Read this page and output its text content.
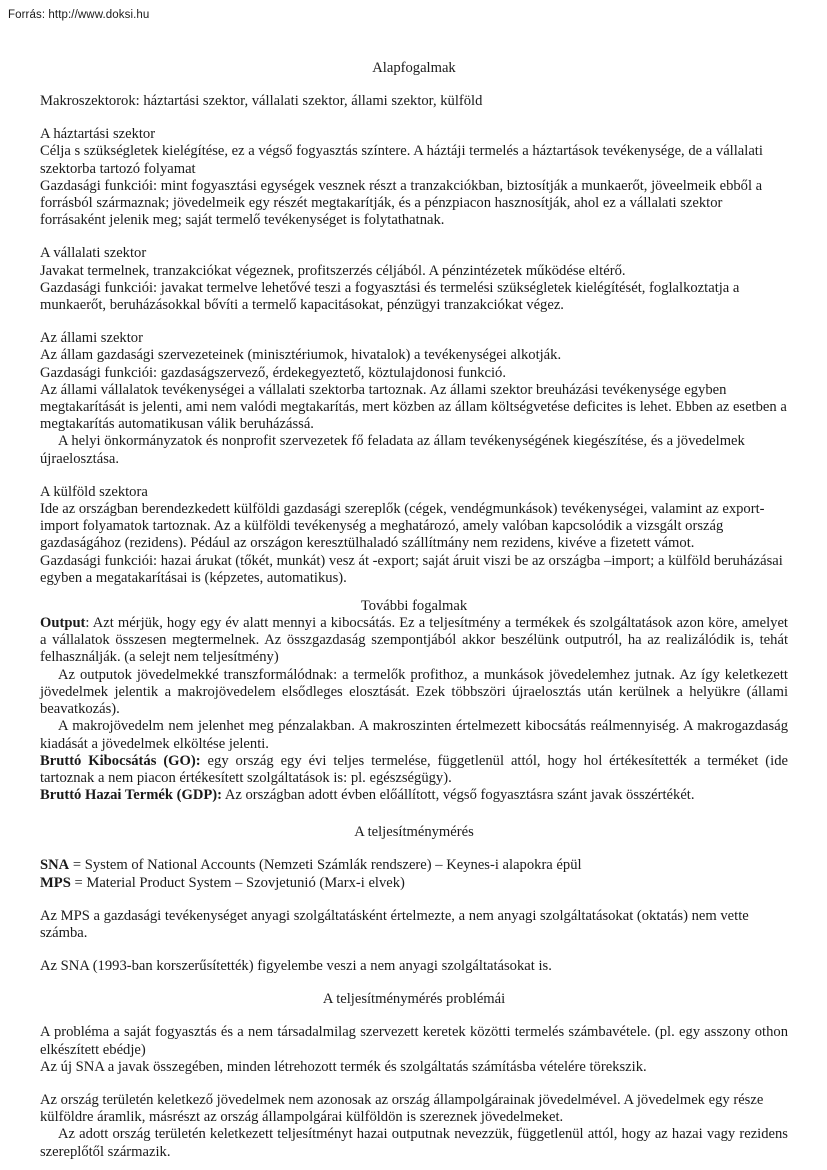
Forrás: http://www.doksi.hu
Alapfogalmak

Makroszektorok: háztartási szektor, vállalati szektor, állami szektor, külföld

A háztartási szektor

Célja s szükségletek kielégítése, ez a végső fogyasztás színtere. A háztáji termelés a háztartások tevékenysége, de a vállalati szektorba tartozó folyamat

Gazdasági funkciói: mint fogyasztási egységek vesznek részt a tranzakciókban, biztosítják a munkaerőt, jöveelmeik ebből a forrásból származnak; jövedelmeik egy részét megtakarítják, és a pénzpiacon hasznosítják, ahol ez a vállalati szektor forrásaként jelenik meg; saját termelő tevékenységet is folytathatnak.

A vállalati szektor

Javakat termelnek, tranzakciókat végeznek, profitszerzés céljából. A pénzintézetek működése eltérő.

Gazdasági funkciói: javakat termelve lehetővé teszi a fogyasztási és termelési szükségletek kielégítését, foglalkoztatja a munkaerőt, beruházásokkal bővíti a termelő kapacitásokat, pénzügyi tranzakciókat végez.

Az állami szektor

Az állam gazdasági szervezeteinek (minisztériumok, hivatalok) a tevékenységei alkotják.

Gazdasági funkciói: gazdaságszervező, érdekegyeztető, köztulajdonosi funkció.

Az állami vállalatok tevékenységei a vállalati szektorba tartoznak. Az állami szektor breuházási tevékenysége egyben megtakarítását is jelenti, ami nem valódi megtakarítás, mert közben az állam költségvetése deficites is lehet. Ebben az esetben a megtakarítás automatikusan válik beruházássá.

A helyi önkormányzatok és nonprofit szervezetek fő feladata az állam tevékenységének kiegészítése, és a jövedelmek újraelosztása.

A külföld szektora

Ide az országban berendezkedett külföldi gazdasági szereplők (cégek, vendégmunkások) tevékenységei, valamint az export-import folyamatok tartoznak. Az a külföldi tevékenység a meghatározó, amely valóban kapcsolódik a vizsgált ország gazdaságához (rezidens). Pédául az országon keresztülhaladó szállítmány nem rezidens, kivéve a fizetett vámot.

Gazdasági funkciói: hazai árukat (tőkét, munkát) vesz át -export; saját áruit viszi be az országba –import; a külföld beruházásai egyben a megatakarításai is (képzetes, automatikus).

További fogalmak

Output: Azt mérjük, hogy egy év alatt mennyi a kibocsátás. Ez a teljesítmény a termékek és szolgáltatások azon köre, amelyet a vállalatok összesen megtermelnek. Az összgazdaság szempontjából akkor beszélünk outputról, ha az realizálódik is, tehát felhasználják. (a selejt nem teljesítmény)

Az outputok jövedelmekké transzformálódnak: a termelők profithoz, a munkások jövedelemhez jutnak. Az így keletkezett jövedelmek jelentik a makrojövedelem elsődleges elosztását. Ezek többszöri újraelosztás után kerülnek a helyükre (állami beavatkozás).

A makrojövedelm nem jelenhet meg pénzalakban. A makroszinten értelmezett kibocsátás reálmennyiség. A makrogazdaság kiadását a jövedelmek elköltése jelenti.

Bruttó Kibocsátás (GO): egy ország egy évi teljes termelése, függetlenül attól, hogy hol értékesítették a terméket (ide tartoznak a nem piacon értékesített szolgáltatások is: pl. egészségügy).

Bruttó Hazai Termék (GDP): Az országban adott évben előállított, végső fogyasztásra szánt javak összértékét.

A teljesítménymérés

SNA = System of National Accounts (Nemzeti Számlák rendszere) – Keynes-i alapokra épül

MPS = Material Product System – Szovjetunió (Marx-i elvek)

Az MPS a gazdasági tevékenységet anyagi szolgáltatásként értelmezte, a nem anyagi szolgáltatásokat (oktatás) nem vette számba.

Az SNA (1993-ban korszerűsítették) figyelembe veszi a nem anyagi szolgáltatásokat is.

A teljesítménymérés problémái

A probléma a saját fogyasztás és a nem társadalmilag szervezett keretek közötti termelés számbavétele. (pl. egy asszony othon elkészített ebédje)

Az új SNA a javak összegében, minden létrehozott termék és szolgáltatás számításba vételére törekszik.

Az ország területén keletkező jövedelmek nem azonosak az ország állampolgárainak jövedelmével. A jövedelmek egy része külföldre áramlik, másrészt az ország állampolgárai külföldön is szereznek jövedelmeket.

Az adott ország területén keletkezett teljesítményt hazai outputnak nevezzük, függetlenül attól, hogy az hazai vagy rezidens szereplőtől származik.
